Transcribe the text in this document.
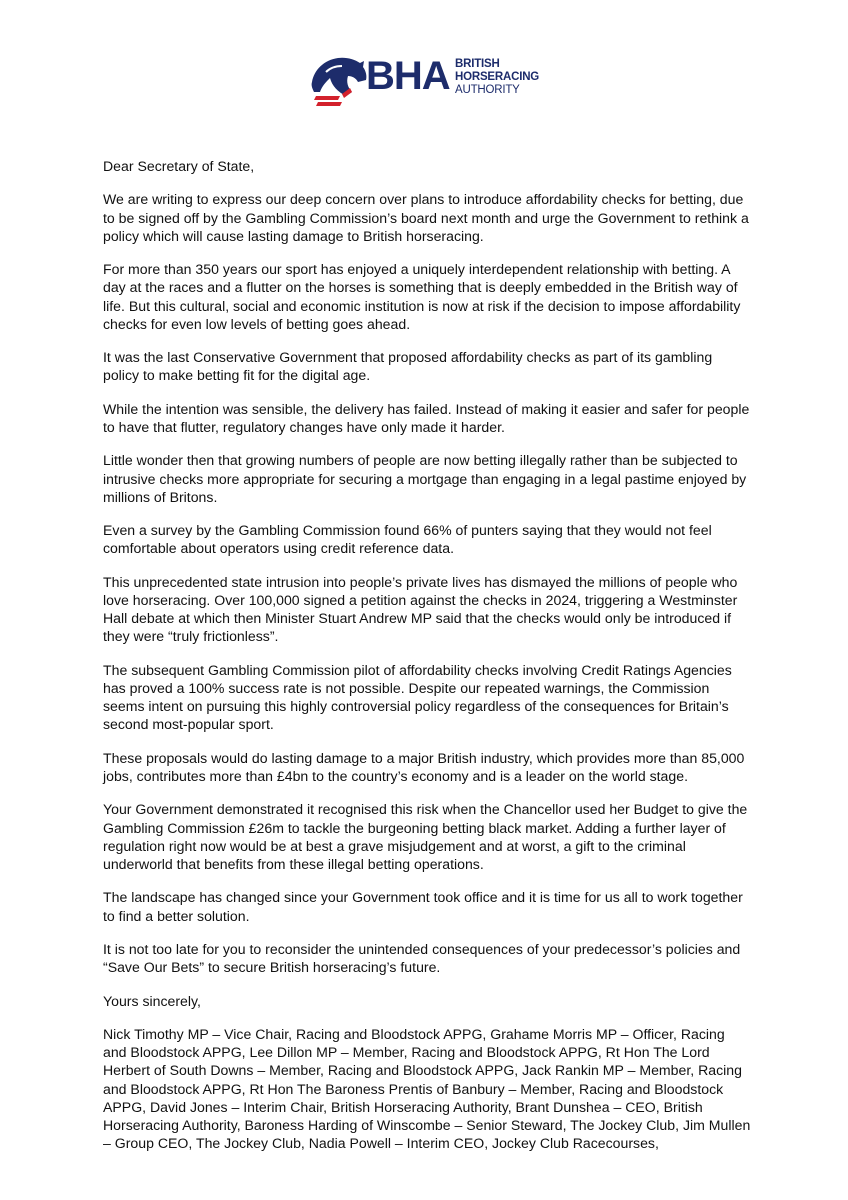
BHA BRITISH
HORSERACING
AUTHORITY

Dear Secretary of State,

We are writing to express our deep concern over plans to introduce affordability checks for betting, due to be signed off by the Gambling Commission’s board next month and urge the Government to rethink a policy which will cause lasting damage to British horseracing.

For more than 350 years our sport has enjoyed a uniquely interdependent relationship with betting. A day at the races and a flutter on the horses is something that is deeply embedded in the British way of life. But this cultural, social and economic institution is now at risk if the decision to impose affordability checks for even low levels of betting goes ahead.

It was the last Conservative Government that proposed affordability checks as part of its gambling policy to make betting fit for the digital age.

While the intention was sensible, the delivery has failed. Instead of making it easier and safer for people to have that flutter, regulatory changes have only made it harder.

Little wonder then that growing numbers of people are now betting illegally rather than be subjected to intrusive checks more appropriate for securing a mortgage than engaging in a legal pastime enjoyed by millions of Britons.

Even a survey by the Gambling Commission found 66% of punters saying that they would not feel comfortable about operators using credit reference data.

This unprecedented state intrusion into people’s private lives has dismayed the millions of people who love horseracing. Over 100,000 signed a petition against the checks in 2024, triggering a Westminster Hall debate at which then Minister Stuart Andrew MP said that the checks would only be introduced if they were “truly frictionless”.

The subsequent Gambling Commission pilot of affordability checks involving Credit Ratings Agencies has proved a 100% success rate is not possible. Despite our repeated warnings, the Commission seems intent on pursuing this highly controversial policy regardless of the consequences for Britain’s second most-popular sport.

These proposals would do lasting damage to a major British industry, which provides more than 85,000 jobs, contributes more than £4bn to the country’s economy and is a leader on the world stage.

Your Government demonstrated it recognised this risk when the Chancellor used her Budget to give the Gambling Commission £26m to tackle the burgeoning betting black market. Adding a further layer of regulation right now would be at best a grave misjudgement and at worst, a gift to the criminal underworld that benefits from these illegal betting operations.

The landscape has changed since your Government took office and it is time for us all to work together to find a better solution.

It is not too late for you to reconsider the unintended consequences of your predecessor’s policies and “Save Our Bets” to secure British horseracing’s future.

Yours sincerely,

Nick Timothy MP – Vice Chair, Racing and Bloodstock APPG, Grahame Morris MP – Officer, Racing and Bloodstock APPG, Lee Dillon MP – Member, Racing and Bloodstock APPG, Rt Hon The Lord Herbert of South Downs – Member, Racing and Bloodstock APPG, Jack Rankin MP – Member, Racing and Bloodstock APPG, Rt Hon The Baroness Prentis of Banbury – Member, Racing and Bloodstock APPG, David Jones – Interim Chair, British Horseracing Authority, Brant Dunshea – CEO, British Horseracing Authority, Baroness Harding of Winscombe – Senior Steward, The Jockey Club, Jim Mullen – Group CEO, The Jockey Club, Nadia Powell – Interim CEO, Jockey Club Racecourses,
